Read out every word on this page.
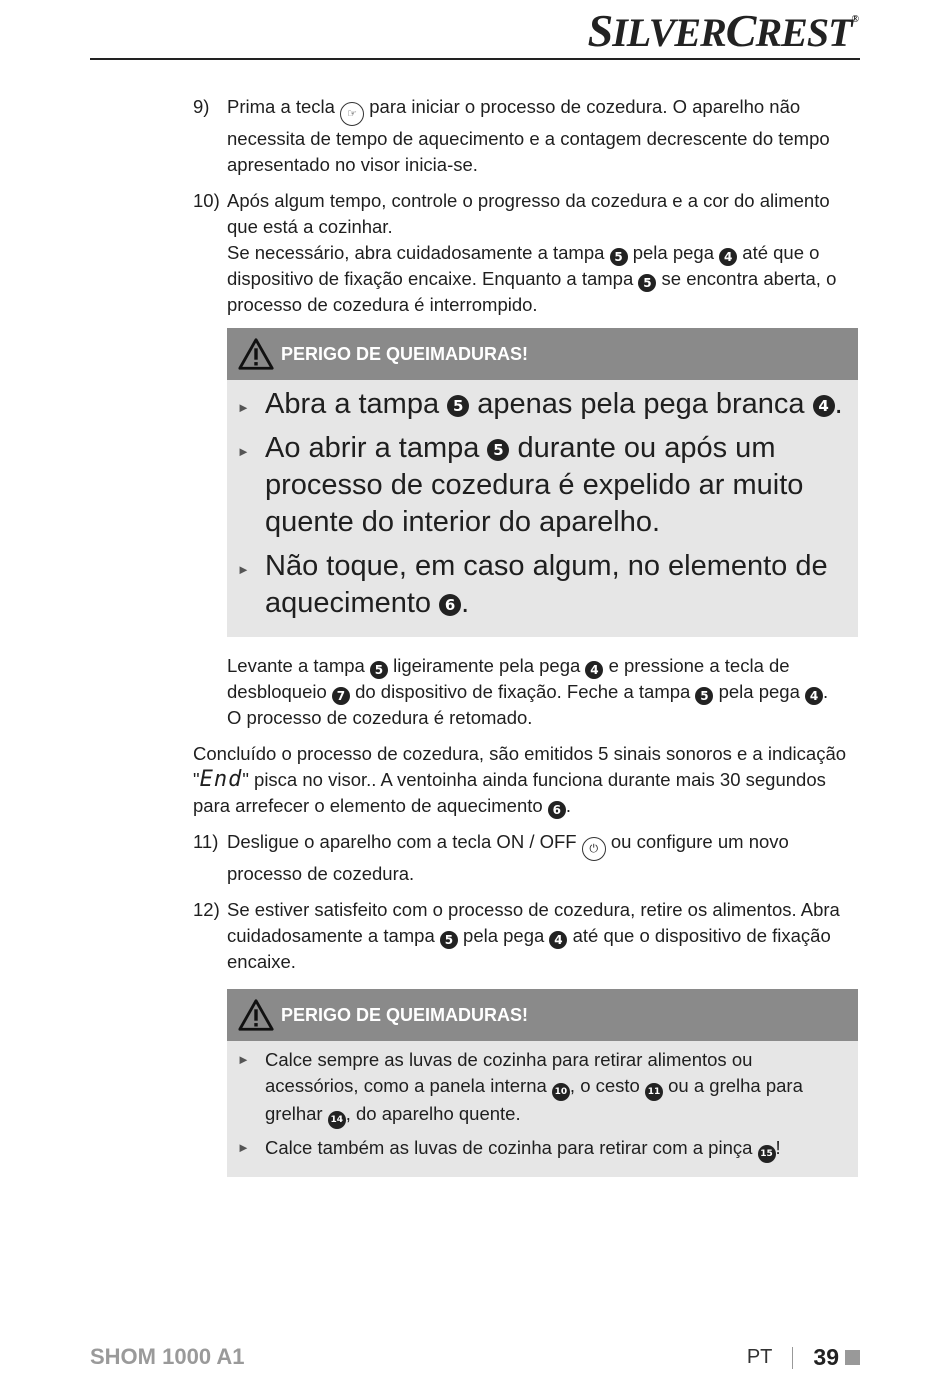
SILVERCREST®
9) Prima a tecla ☞ para iniciar o processo de cozedura. O aparelho não necessita de tempo de aquecimento e a contagem decrescente do tempo apresentado no visor inicia-se.
10) Após algum tempo, controle o progresso da cozedura e a cor do alimento que está a cozinhar.
Se necessário, abra cuidadosamente a tampa 5 pela pega 4 até que o dispositivo de fixação encaixe. Enquanto a tampa 5 se encontra aberta, o processo de cozedura é interrompido.
PERIGO DE QUEIMADURAS!
► Abra a tampa 5 apenas pela pega branca 4 .
► Ao abrir a tampa 5 durante ou após um processo de cozedura é expelido ar muito quente do interior do aparelho.
► Não toque, em caso algum, no elemento de aquecimento 6 .
Levante a tampa 5 ligeiramente pela pega 4 e pressione a tecla de desbloqueio 7 do dispositivo de fixação. Feche a tampa 5 pela pega 4 .
O processo de cozedura é retomado.

Concluído o processo de cozedura, são emitidos 5 sinais sonoros e a indicação "End" pisca no visor.. A ventoinha ainda funciona durante mais 30 segundos para arrefecer o elemento de aquecimento 6 .

11) Desligue o aparelho com a tecla ON / OFF ⏻ ou configure um novo processo de cozedura.
12) Se estiver satisfeito com o processo de cozedura, retire os alimentos. Abra cuidadosamente a tampa 5 pela pega 4 até que o dispositivo de fixação encaixe.
PERIGO DE QUEIMADURAS!
► Calce sempre as luvas de cozinha para retirar alimentos ou acessórios, como a panela interna 10 , o cesto 11 ou a grelha para grelhar 14 , do aparelho quente.
► Calce também as luvas de cozinha para retirar com a pinça 15 !
SHOM 1000 A1	PT 39
